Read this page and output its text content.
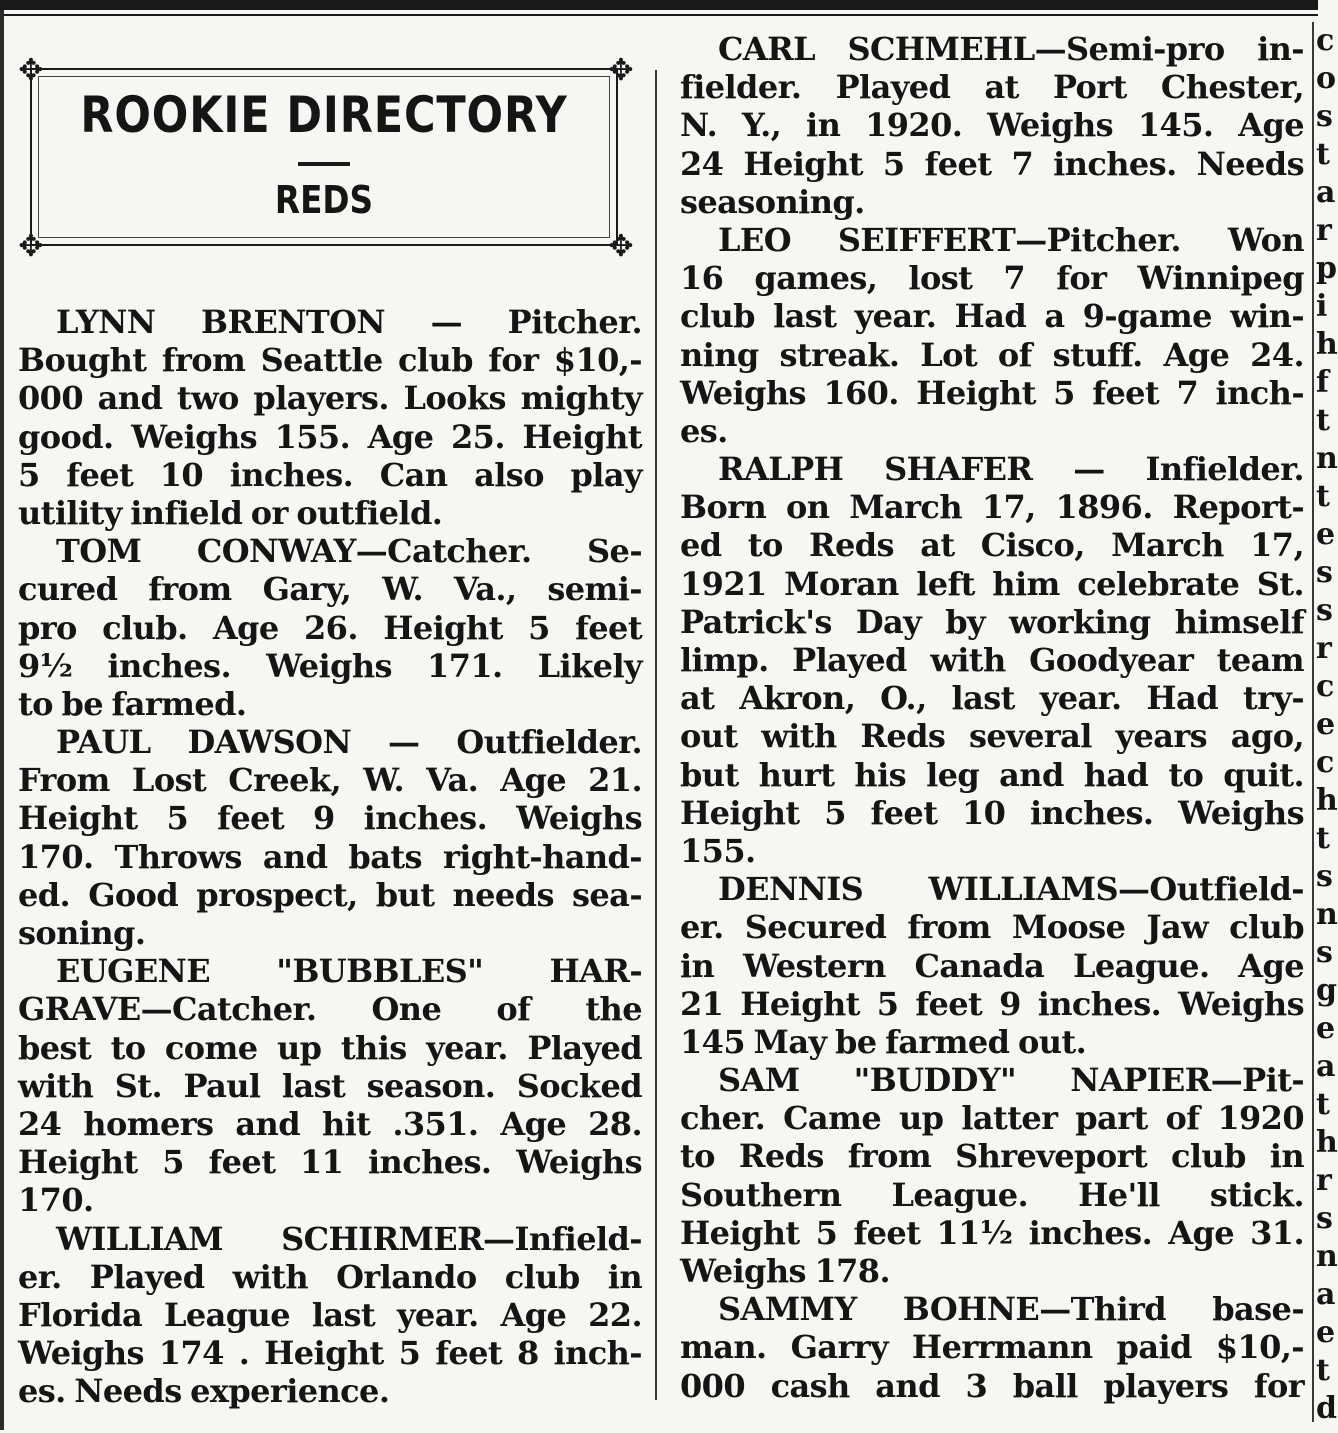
✥	✥
✥	✥
ROOKIE DIRECTORY
REDS
LYNN BRENTON — Pitcher.
Bought from Seattle club for $10,-
000 and two players. Looks mighty
good. Weighs 155. Age 25. Height
5 feet 10 inches. Can also play
utility infield or outfield.
TOM CONWAY—Catcher. Se-
cured from Gary, W. Va., semi-
pro club. Age 26. Height 5 feet
9½ inches. Weighs 171. Likely
to be farmed.
PAUL DAWSON — Outfielder.
From Lost Creek, W. Va. Age 21.
Height 5 feet 9 inches. Weighs
170. Throws and bats right-hand-
ed. Good prospect, but needs sea-
soning.
EUGENE "BUBBLES" HAR-
GRAVE—Catcher. One of the
best to come up this year. Played
with St. Paul last season. Socked
24 homers and hit .351. Age 28.
Height 5 feet 11 inches. Weighs
170.
WILLIAM SCHIRMER—Infield-
er. Played with Orlando club in
Florida League last year. Age 22.
Weighs 174 . Height 5 feet 8 inch-
es. Needs experience.
CARL SCHMEHL—Semi-pro in-
fielder. Played at Port Chester,
N. Y., in 1920. Weighs 145. Age
24 Height 5 feet 7 inches. Needs
seasoning.
LEO SEIFFERT—Pitcher. Won
16 games, lost 7 for Winnipeg
club last year. Had a 9-game win-
ning streak. Lot of stuff. Age 24.
Weighs 160. Height 5 feet 7 inch-
es.
RALPH SHAFER — Infielder.
Born on March 17, 1896. Report-
ed to Reds at Cisco, March 17,
1921 Moran left him celebrate St.
Patrick's Day by working himself
limp. Played with Goodyear team
at Akron, O., last year. Had try-
out with Reds several years ago,
but hurt his leg and had to quit.
Height 5 feet 10 inches. Weighs
155.
DENNIS WILLIAMS—Outfield-
er. Secured from Moose Jaw club
in Western Canada League. Age
21 Height 5 feet 9 inches. Weighs
145 May be farmed out.
SAM "BUDDY" NAPIER—Pit-
cher. Came up latter part of 1920
to Reds from Shreveport club in
Southern League. He'll stick.
Height 5 feet 11½ inches. Age 31.
Weighs 178.
SAMMY BOHNE—Third base-
man. Garry Herrmann paid $10,-
000 cash and 3 ball players for
c
o
s
t
a
r
p
i
h
f
t
n
t
e
s
s
r
c
e
c
h
t
s
n
s
g
e
a
t
h
r
s
n
a
e
t
d
